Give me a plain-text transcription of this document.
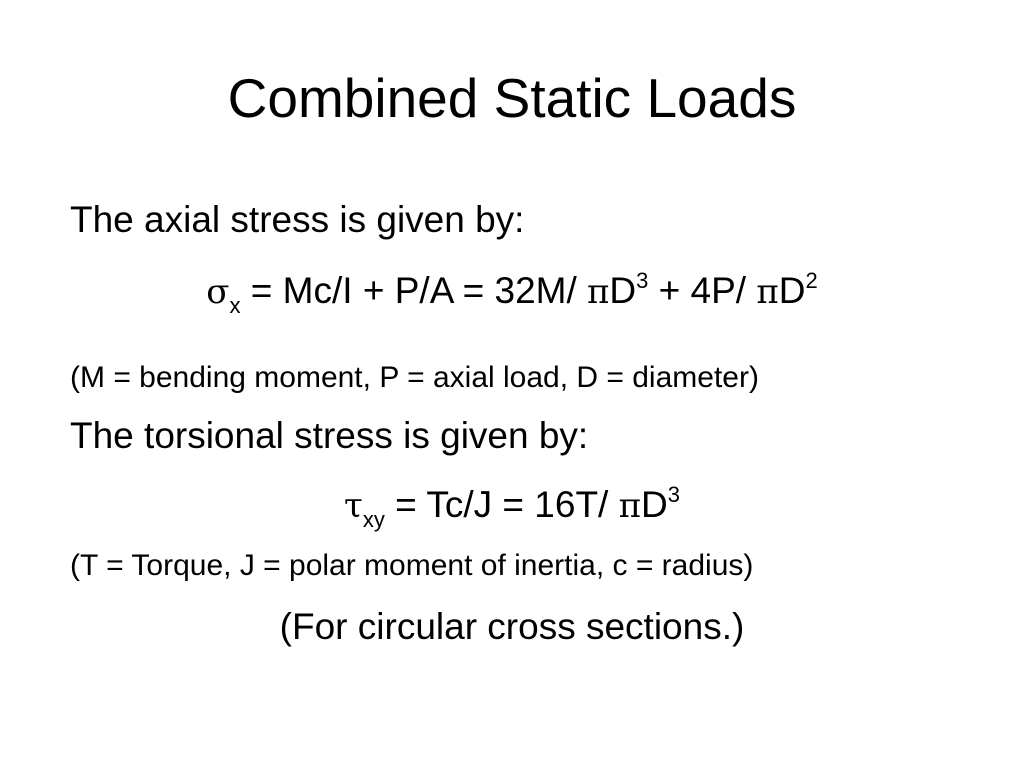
Combined Static Loads
The axial stress is given by:
$\sigma_x = Mc/I + P/A = 32M/$ $\pi D^3 + 4P/$ $\pi D^2$
(M = bending moment, P = axial load, D = diameter)
The torsional stress is given by:
$\tau_{xy} = Tc/J = 16T/$ $\pi D^3$
(T = Torque, J = polar moment of inertia, c = radius)
(For circular cross sections.)
